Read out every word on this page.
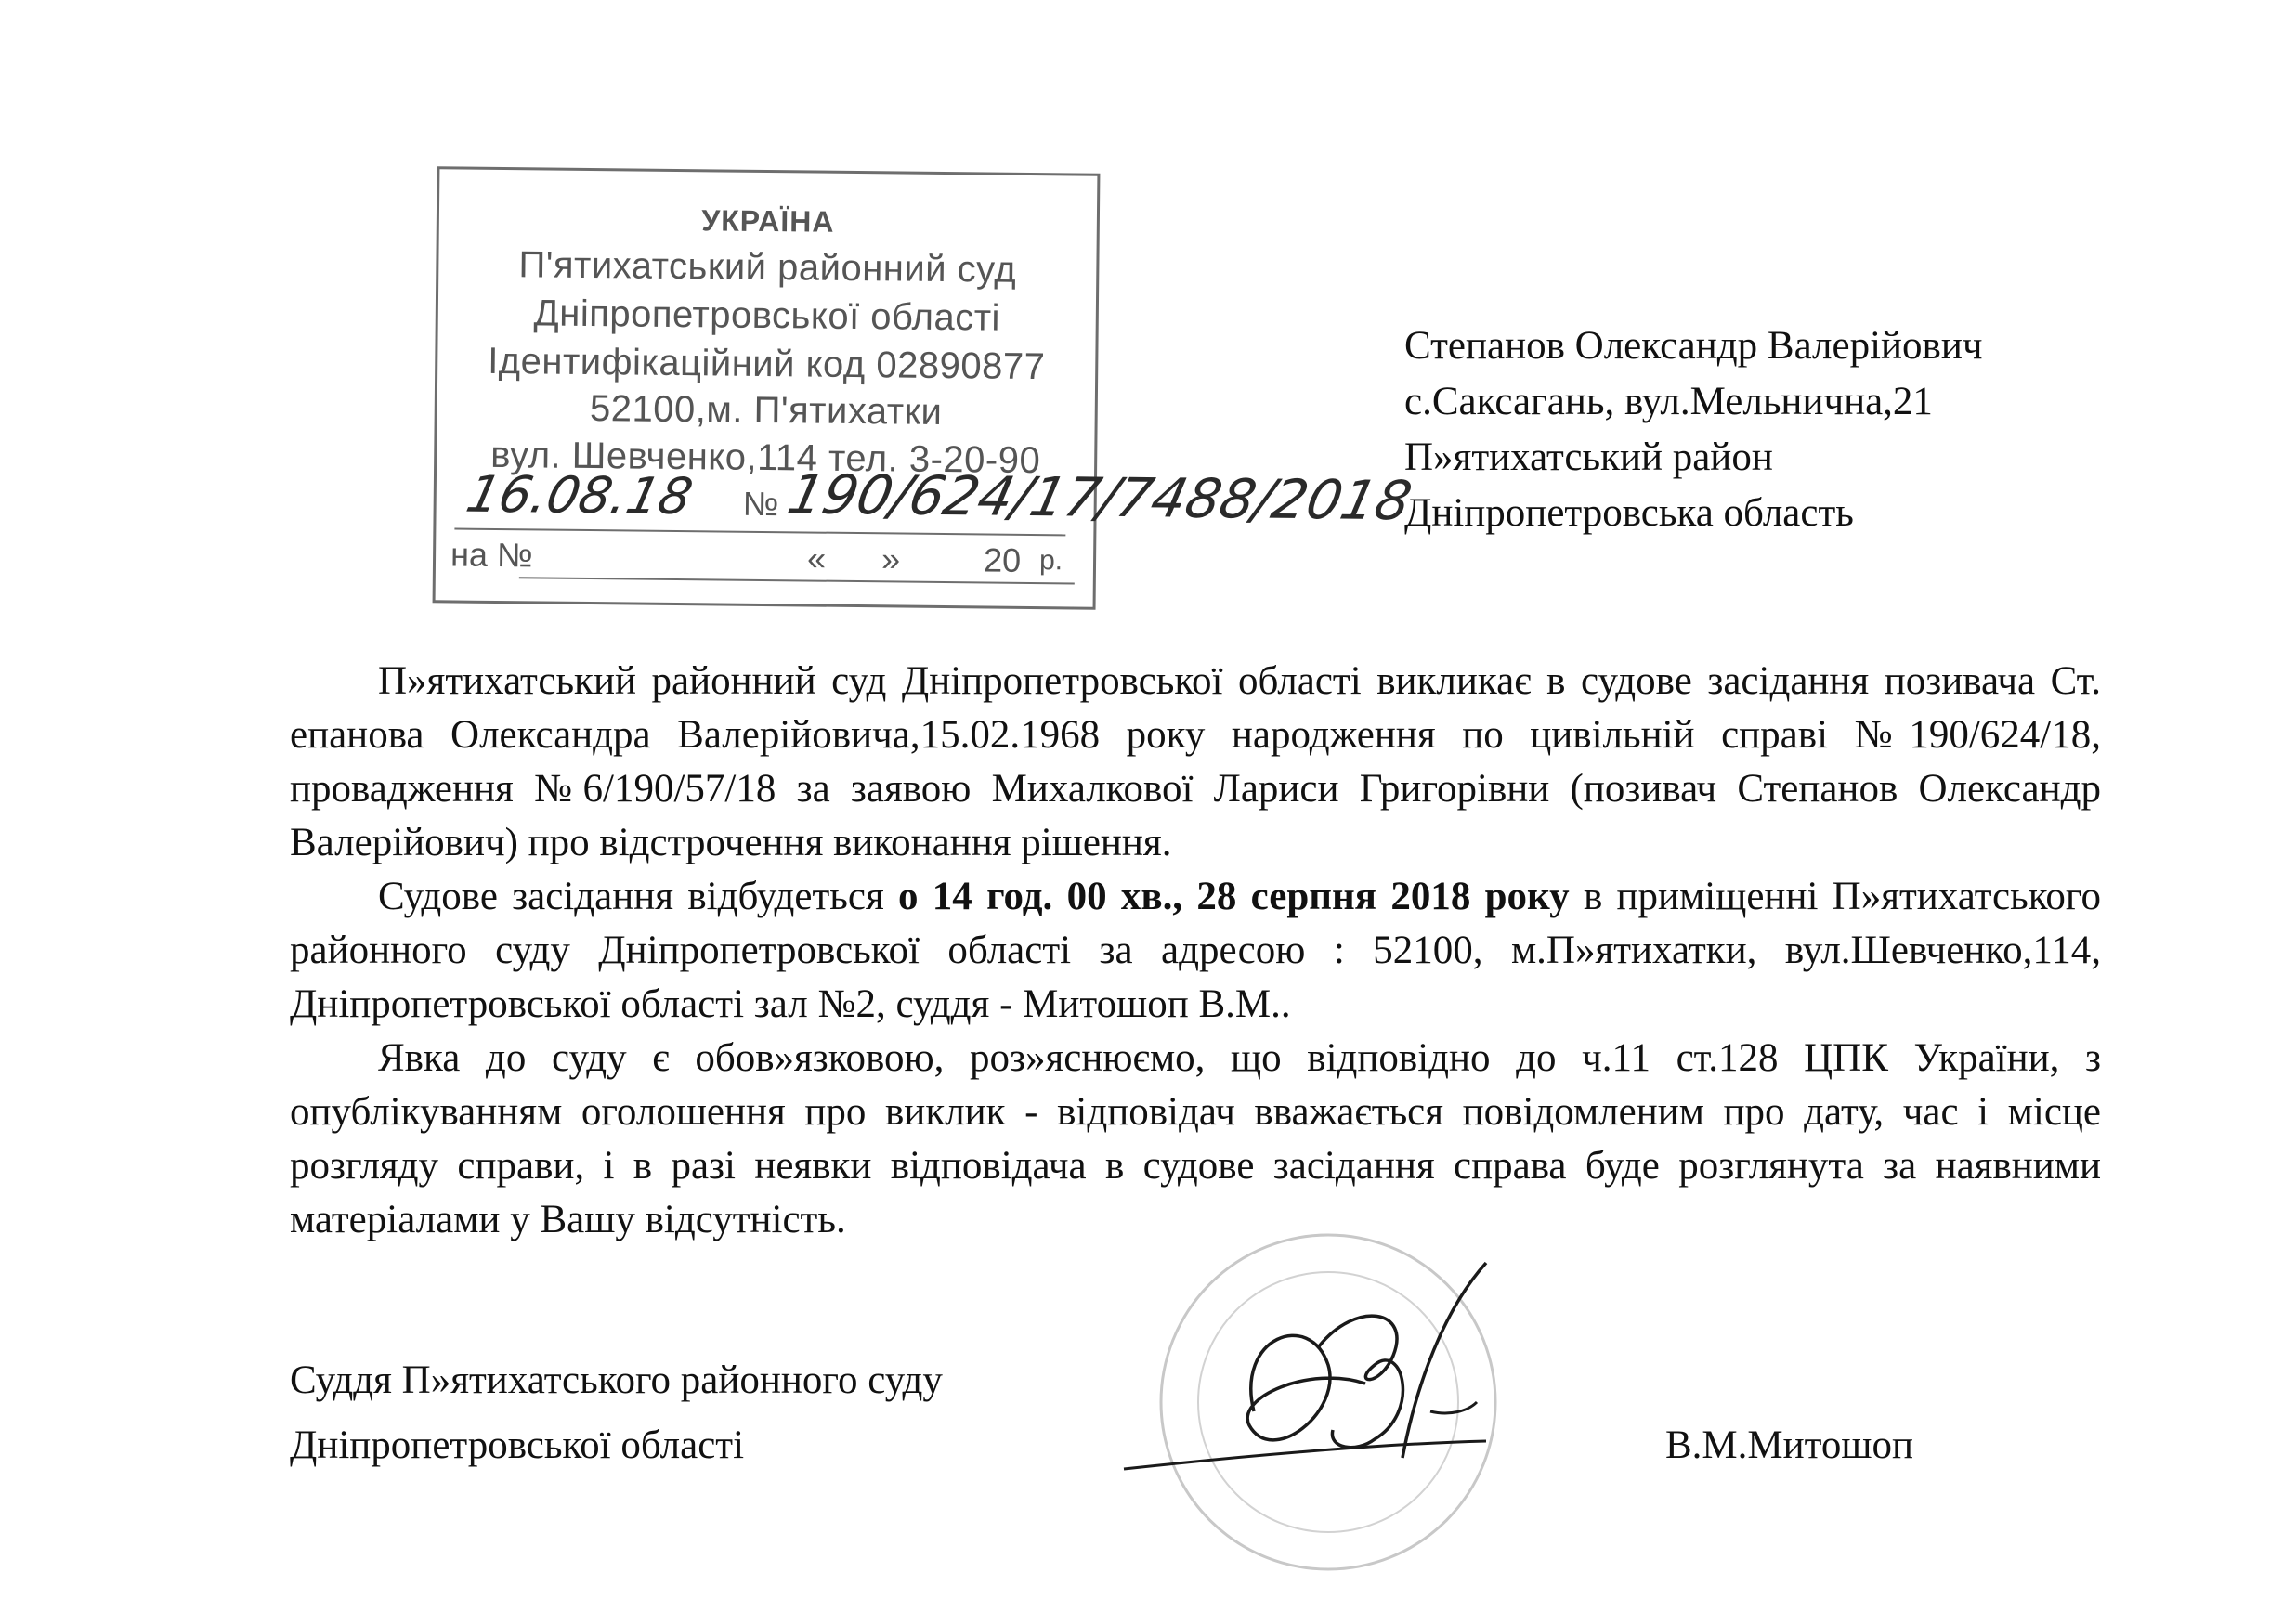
УКРАЇНА
П'ятихатський районний суд
Дніпропетровської області
Ідентифікаційний код 02890877
52100,м. П'ятихатки
вул. Шевченко,114 тел. 3-20-90
16.08.18 № 190/624/17/7488/2018
на №	« » 20 р.
Степанов Олександр Валерійович
с.Саксагань, вул.Мельнична,21
П»ятихатський район
Дніпропетровська область

П»ятихатський районний суд Дніпропетровської області викликає в судове засідання позивача Ст. епанова Олександра Валерійовича,15.02.1968 року народження по цивільній справі №190/624/18, провадження №6/190/57/18 за заявою Михалкової Лариси Григорівни (позивач Степанов Олександр Валерійович) про відстрочення виконання рішення.

Судове засідання відбудеться о 14 год. 00 хв., 28 серпня 2018 року в приміщенні П»ятихатського районного суду Дніпропетровської області за адресою : 52100, м.П»ятихатки, вул.Шевченко,114, Дніпропетровської області зал №2, суддя - Митошоп В.М..

Явка до суду є обов»язковою, роз»яснюємо, що відповідно до ч.11 ст.128 ЦПК України, з опублікуванням оголошення про виклик - відповідач вважається повідомленим про дату, час і місце розгляду справи, і в разі неявки відповідача в судове засідання справа буде розглянута за наявними матеріалами у Вашу відсутність.

Суддя П»ятихатського районного суду
Дніпропетровської області	В.М.Митошоп
